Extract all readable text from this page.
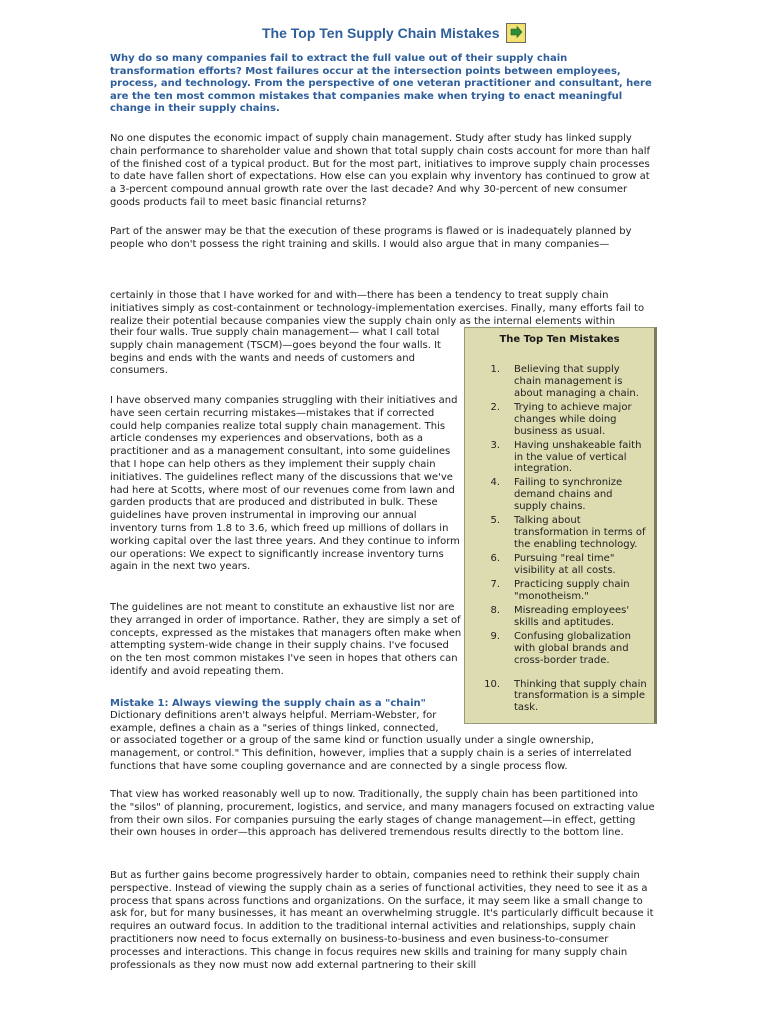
The Top Ten Supply Chain Mistakes

Why do so many companies fail to extract the full value out of their supply chain transformation efforts? Most failures occur at the intersection points between employees, process, and technology. From the perspective of one veteran practitioner and consultant, here are the ten most common mistakes that companies make when trying to enact meaningful change in their supply chains.

No one disputes the economic impact of supply chain management. Study after study has linked supply chain performance to shareholder value and shown that total supply chain costs account for more than half of the finished cost of a typical product. But for the most part, initiatives to improve supply chain processes to date have fallen short of expectations. How else can you explain why inventory has continued to grow at a 3-percent compound annual growth rate over the last decade? And why 30-percent of new consumer goods products fail to meet basic financial returns?

Part of the answer may be that the execution of these programs is flawed or is inadequately planned by people who don't possess the right training and skills. I would also argue that in many companies—

certainly in those that I have worked for and with—there has been a tendency to treat supply chain initiatives simply as cost-containment or technology-implementation exercises. Finally, many efforts fail to realize their potential because companies view the supply chain only as the internal elements within

their four walls. True supply chain management— what I call total supply chain management (TSCM)—goes beyond the four walls. It begins and ends with the wants and needs of customers and consumers.

I have observed many companies struggling with their initiatives and have seen certain recurring mistakes—mistakes that if corrected could help companies realize total supply chain management. This article condenses my experiences and observations, both as a practitioner and as a management consultant, into some guidelines that I hope can help others as they implement their supply chain initiatives. The guidelines reflect many of the discussions that we've had here at Scotts, where most of our revenues come from lawn and garden products that are produced and distributed in bulk. These guidelines have proven instrumental in improving our annual inventory turns from 1.8 to 3.6, which freed up millions of dollars in working capital over the last three years. And they continue to inform our operations: We expect to significantly increase inventory turns again in the next two years.

The guidelines are not meant to constitute an exhaustive list nor are they arranged in order of importance. Rather, they are simply a set of concepts, expressed as the mistakes that managers often make when attempting system-wide change in their supply chains. I've focused on the ten most common mistakes I've seen in hopes that others can identify and avoid repeating them.

Mistake 1: Always viewing the supply chain as a "chain"

Dictionary definitions aren't always helpful. Merriam-Webster, for example, defines a chain as a "series of things linked, connected,

or associated together or a group of the same kind or function usually under a single ownership, management, or control." This definition, however, implies that a supply chain is a series of interrelated functions that have some coupling governance and are connected by a single process flow.

That view has worked reasonably well up to now. Traditionally, the supply chain has been partitioned into the "silos" of planning, procurement, logistics, and service, and many managers focused on extracting value from their own silos. For companies pursuing the early stages of change management—in effect, getting their own houses in order—this approach has delivered tremendous results directly to the bottom line.

But as further gains become progressively harder to obtain, companies need to rethink their supply chain perspective. Instead of viewing the supply chain as a series of functional activities, they need to see it as a process that spans across functions and organizations. On the surface, it may seem like a small change to ask for, but for many businesses, it has meant an overwhelming struggle. It's particularly difficult because it requires an outward focus. In addition to the traditional internal activities and relationships, supply chain practitioners now need to focus externally on business-to-business and even business-to-consumer processes and interactions. This change in focus requires new skills and training for many supply chain professionals as they now must now add external partnering to their skill

The Top Ten Mistakes
1. Believing that supply chain management is about managing a chain.
2. Trying to achieve major changes while doing business as usual.
3. Having unshakeable faith in the value of vertical integration.
4. Failing to synchronize demand chains and supply chains.
5. Talking about transformation in terms of the enabling technology.
6. Pursuing "real time" visibility at all costs.
7. Practicing supply chain "monotheism."
8. Misreading employees' skills and aptitudes.
9. Confusing globalization with global brands and cross-border trade.
10. Thinking that supply chain transformation is a simple task.
